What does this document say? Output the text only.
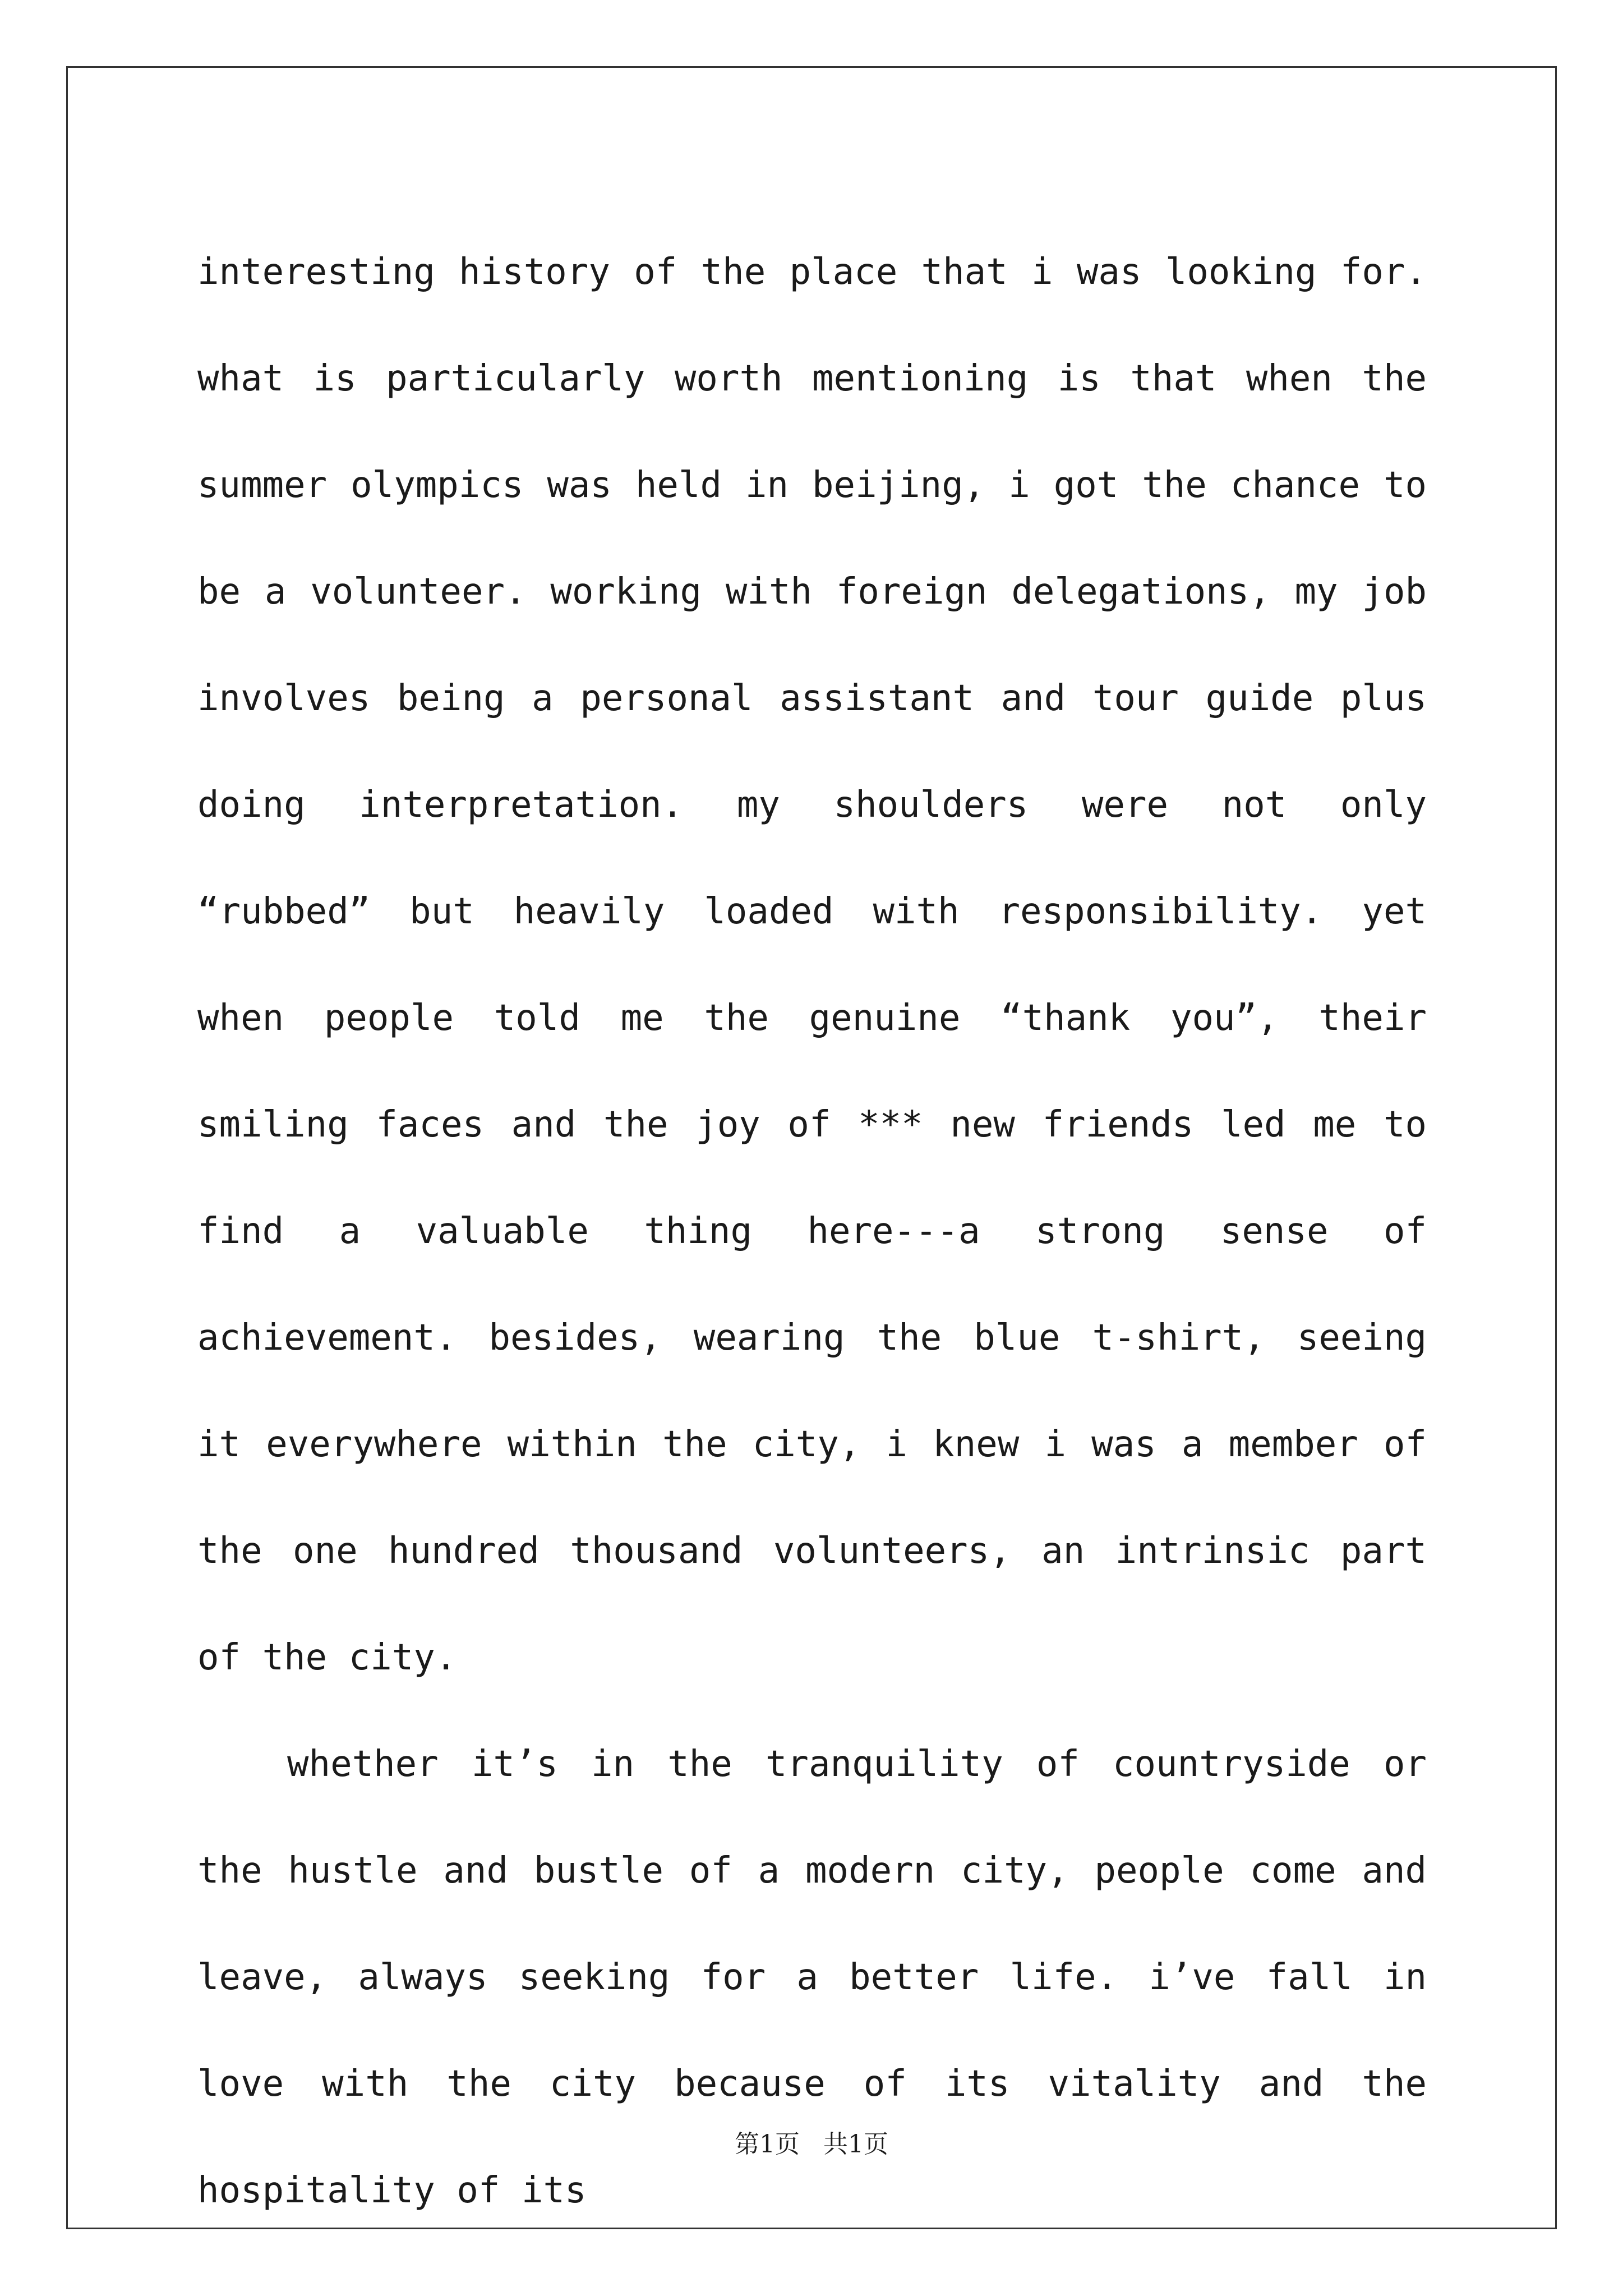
interesting history of the place that i was looking for. what is particularly worth mentioning is that when the summer olympics was held in beijing, i got the chance to be a volunteer. working with foreign delegations, my job involves being a personal assistant and tour guide plus doing interpretation. my shoulders were not only “rubbed” but heavily loaded with responsibility. yet when people told me the genuine “thank you”, their smiling faces and the joy of *** new friends led me to find a valuable thing here---a strong sense of achievement. besides, wearing the blue t-shirt, seeing it everywhere within the city, i knew i was a member of the one hundred thousand volunteers, an intrinsic part of the city.

whether it’s in the tranquility of countryside or the hustle and bustle of a modern city, people come and leave, always seeking for a better life. i’ve fall in love with the city because of its vitality and the hospitality of its

第1页   共1页
